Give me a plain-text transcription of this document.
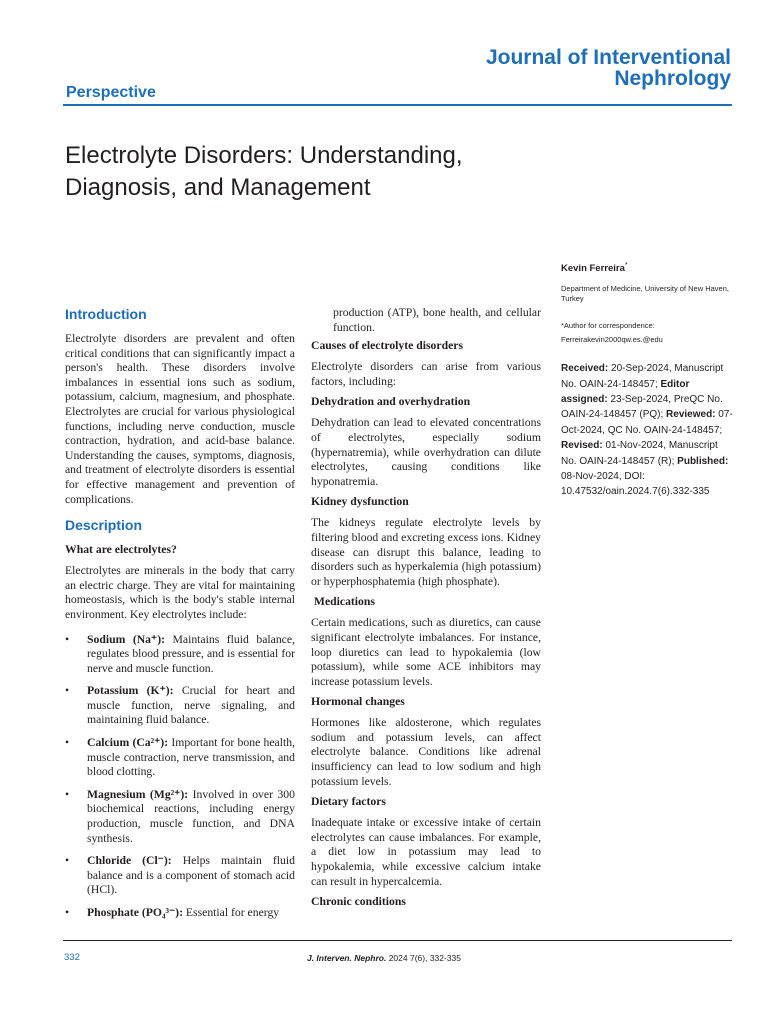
Journal of Interventional
Nephrology
Perspective
Electrolyte Disorders: Understanding,
Diagnosis, and Management
Introduction

Electrolyte disorders are prevalent and often critical conditions that can significantly impact a person's health. These disorders involve imbalances in essential ions such as sodium, potassium, calcium, magnesium, and phosphate. Electrolytes are crucial for various physiological functions, including nerve conduction, muscle contraction, hydration, and acid-base balance. Understanding the causes, symptoms, diagnosis, and treatment of electrolyte disorders is essential for effective management and prevention of complications.

Description
What are electrolytes?

Electrolytes are minerals in the body that carry an electric charge. They are vital for maintaining homeostasis, which is the body's stable internal environment. Key electrolytes include:

• Sodium (Na⁺): Maintains fluid balance, regulates blood pressure, and is essential for nerve and muscle function.
• Potassium (K⁺): Crucial for heart and muscle function, nerve signaling, and maintaining fluid balance.
• Calcium (Ca²⁺): Important for bone health, muscle contraction, nerve transmission, and blood clotting.
• Magnesium (Mg²⁺): Involved in over 300 biochemical reactions, including energy production, muscle function, and DNA synthesis.
• Chloride (Cl⁻): Helps maintain fluid balance and is a component of stomach acid (HCl).
• Phosphate (PO₄³⁻): Essential for energy

production (ATP), bone health, and cellular function.

Causes of electrolyte disorders

Electrolyte disorders can arise from various factors, including:

Dehydration and overhydration

Dehydration can lead to elevated concentrations of electrolytes, especially sodium (hypernatremia), while overhydration can dilute electrolytes, causing conditions like hyponatremia.

Kidney dysfunction

The kidneys regulate electrolyte levels by filtering blood and excreting excess ions. Kidney disease can disrupt this balance, leading to disorders such as hyperkalemia (high potassium) or hyperphosphatemia (high phosphate).

Medications

Certain medications, such as diuretics, can cause significant electrolyte imbalances. For instance, loop diuretics can lead to hypokalemia (low potassium), while some ACE inhibitors may increase potassium levels.

Hormonal changes

Hormones like aldosterone, which regulates sodium and potassium levels, can affect electrolyte balance. Conditions like adrenal insufficiency can lead to low sodium and high potassium levels.

Dietary factors

Inadequate intake or excessive intake of certain electrolytes can cause imbalances. For example, a diet low in potassium may lead to hypokalemia, while excessive calcium intake can result in hypercalcemia.

Chronic conditions
Kevin Ferreira*
Department of Medicine, University of New Haven, Turkey
*Author for correspondence:
Ferreirakevin2000qw.es.@edu
Received: 20-Sep-2024, Manuscript No. OAIN-24-148457; Editor assigned: 23-Sep-2024, PreQC No. OAIN-24-148457 (PQ); Reviewed: 07-Oct-2024, QC No. OAIN-24-148457; Revised: 01-Nov-2024, Manuscript No. OAIN-24-148457 (R); Published: 08-Nov-2024, DOI: 10.47532/oain.2024.7(6).332-335
332	J. Interven. Nephro. 2024 7(6), 332-335
